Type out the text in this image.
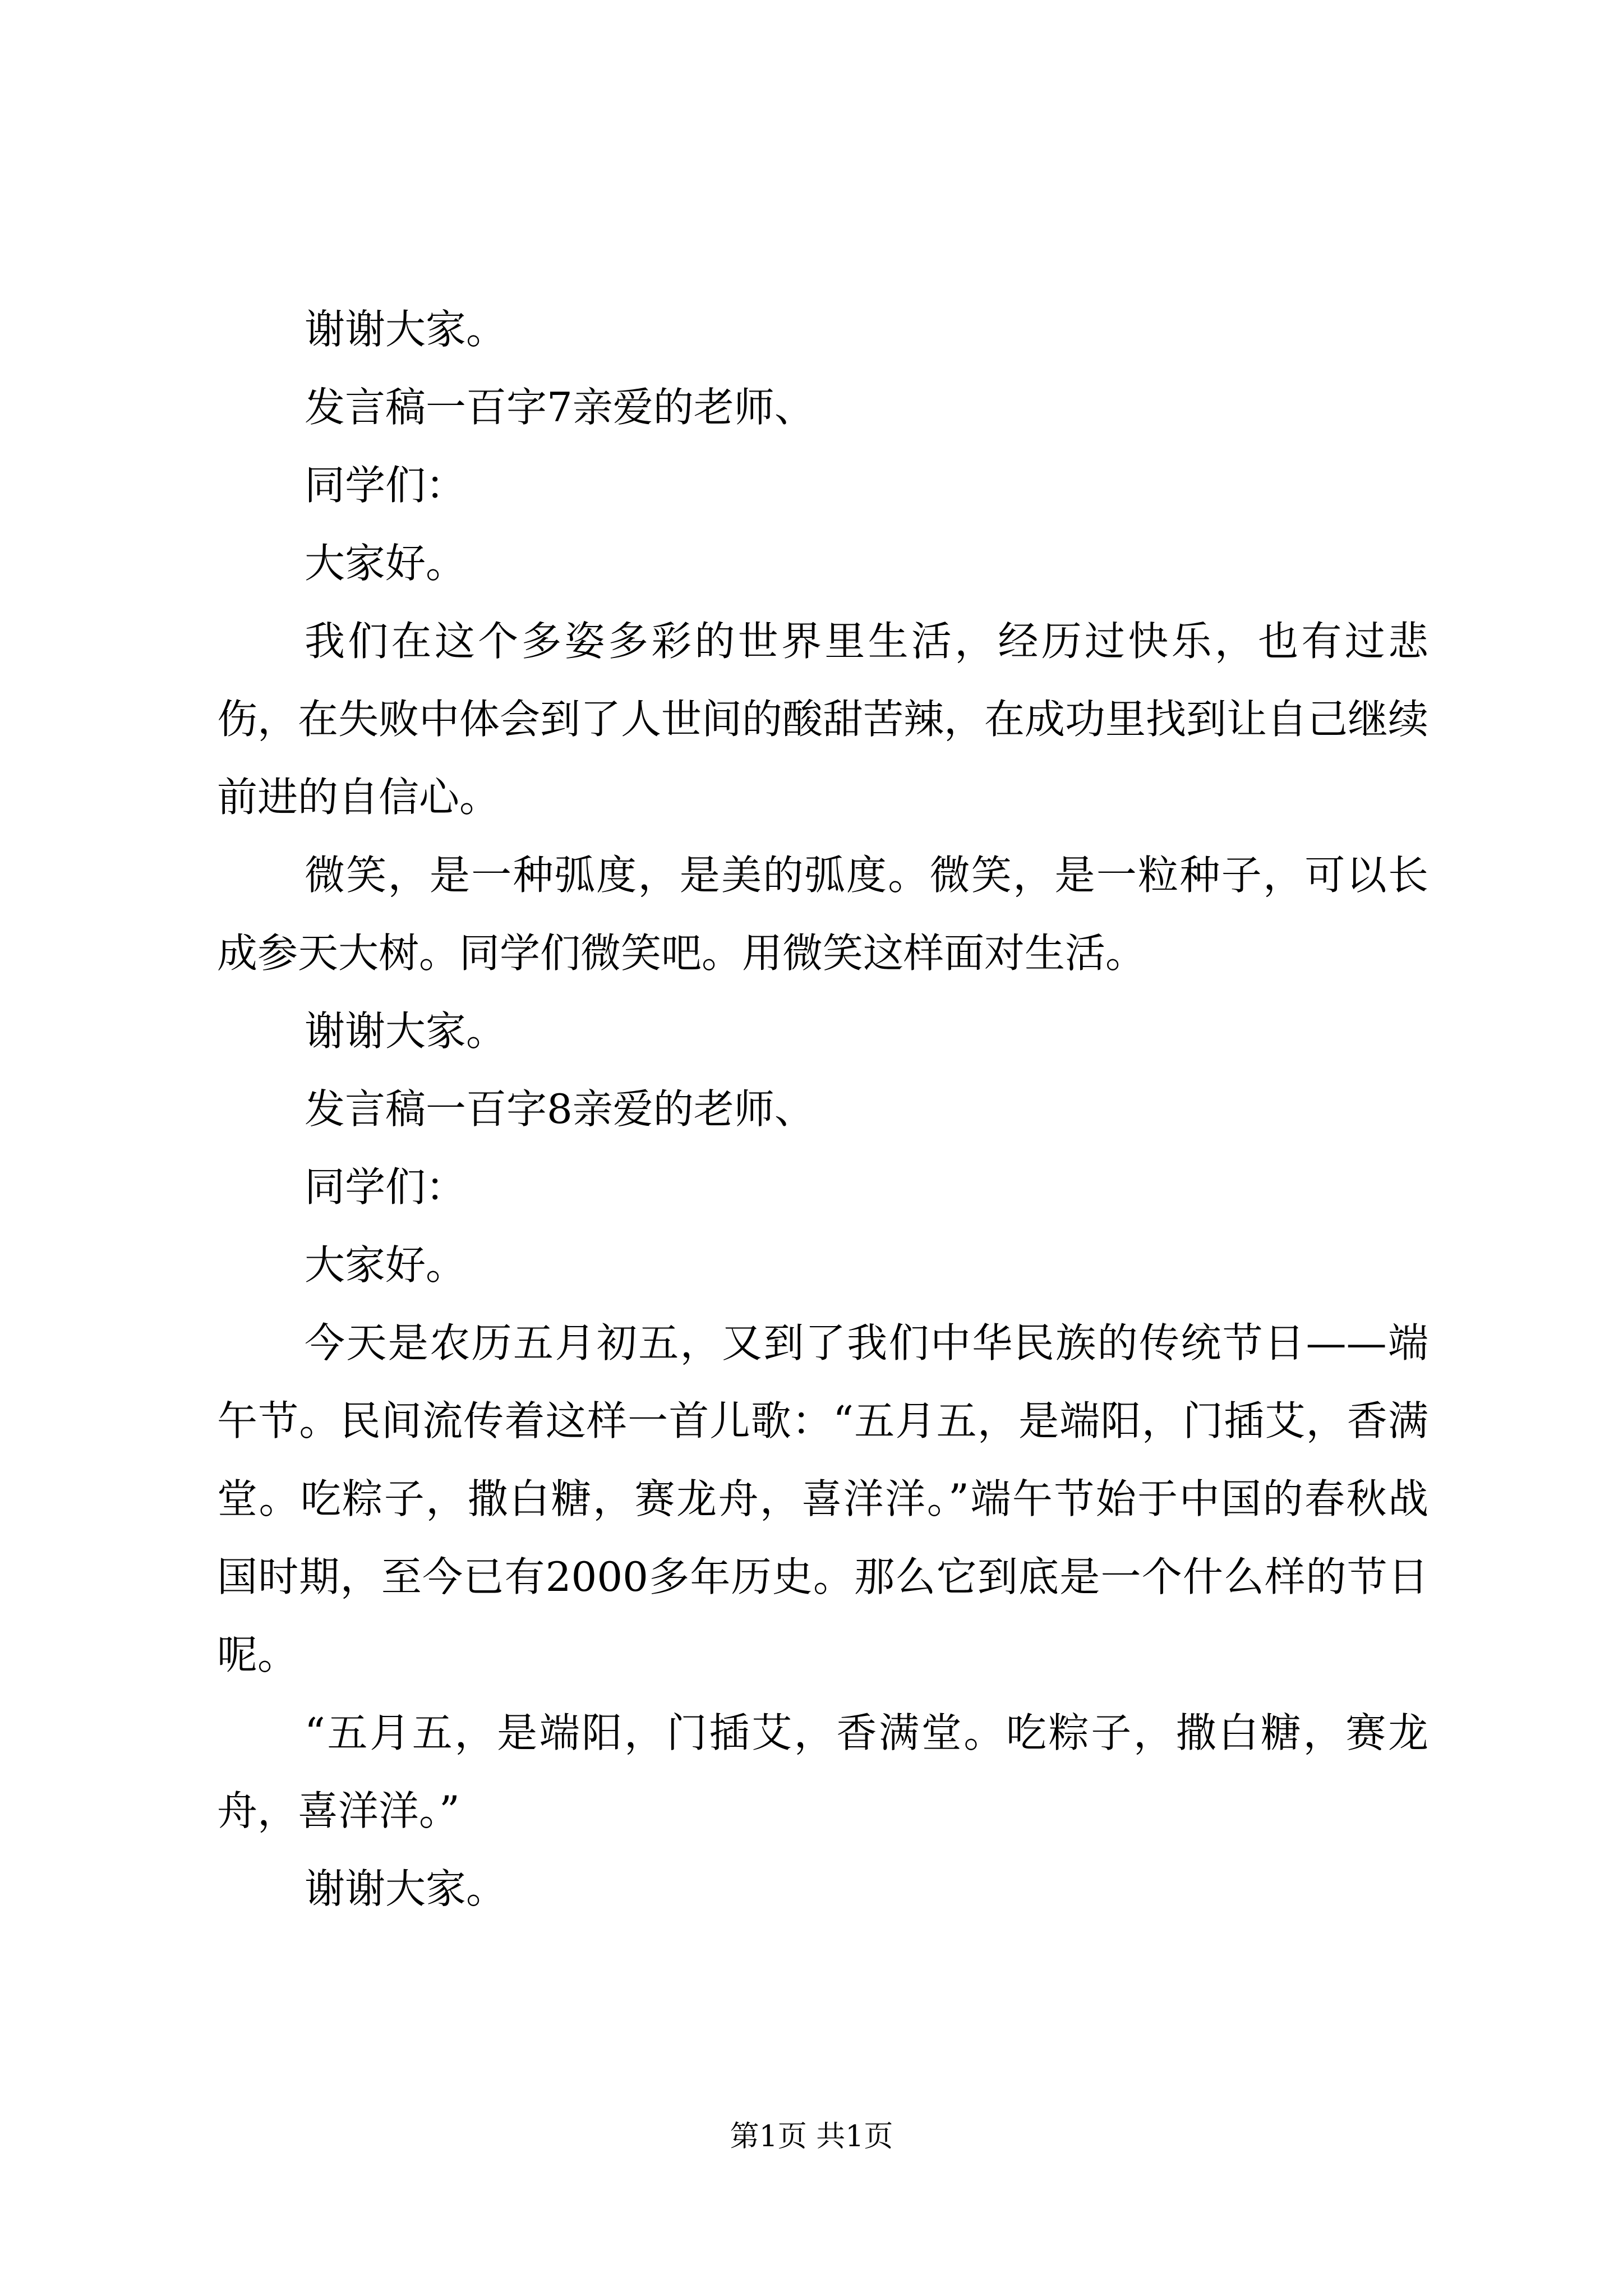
谢谢大家。

发言稿一百字7亲爱的老师、

同学们：

大家好。

我们在这个多姿多彩的世界里生活，经历过快乐，也有过悲伤，在失败中体会到了人世间的酸甜苦辣，在成功里找到让自己继续前进的自信心。

微笑，是一种弧度，是美的弧度。微笑，是一粒种子，可以长成参天大树。同学们微笑吧。用微笑这样面对生活。

谢谢大家。

发言稿一百字8亲爱的老师、

同学们：

大家好。

今天是农历五月初五，又到了我们中华民族的传统节日——端午节。民间流传着这样一首儿歌：“五月五，是端阳，门插艾，香满堂。吃粽子，撒白糖，赛龙舟，喜洋洋。”端午节始于中国的春秋战国时期，至今已有2000多年历史。那么它到底是一个什么样的节日呢。

“五月五，是端阳，门插艾，香满堂。吃粽子，撒白糖，赛龙舟，喜洋洋。”

谢谢大家。

第1页 共1页
